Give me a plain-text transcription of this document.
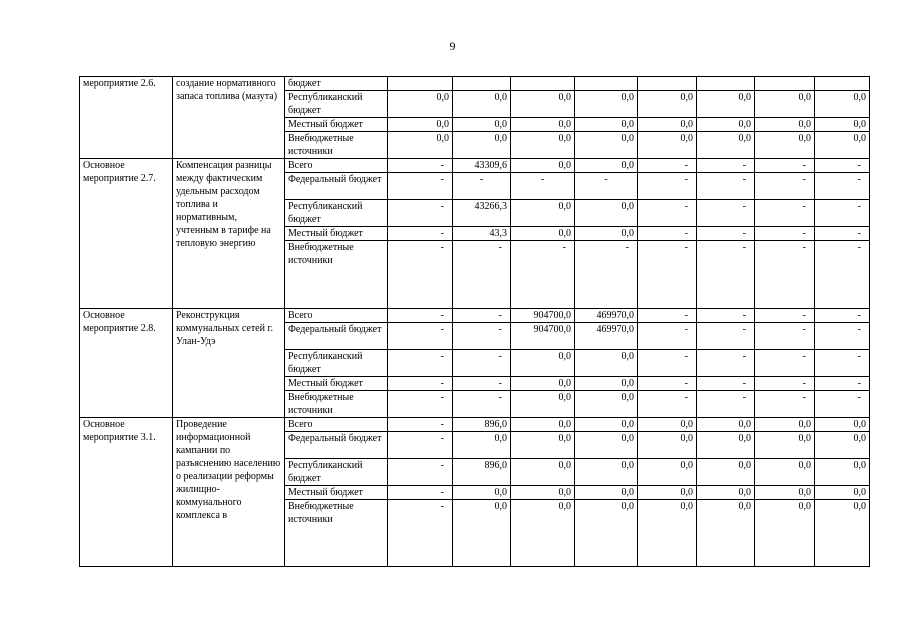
9
мероприятие 2.6.	создание нормативного запаса топлива (мазута)	бюджет								
		Республиканский бюджет	0,0	0,0	0,0	0,0	0,0	0,0	0,0	0,0
		Местный бюджет	0,0	0,0	0,0	0,0	0,0	0,0	0,0	0,0
		Внебюджетные источники	0,0	0,0	0,0	0,0	0,0	0,0	0,0	0,0
Основное мероприятие 2.7.	Компенсация разницы между фактическим удельным расходом топлива и нормативным, учтенным в тарифе на тепловую энергию	Всего	-	43309,6	0,0	0,0	-	-	-	-
		Федеральный бюджет	-	-	-	-	-	-	-	-
		Республиканский бюджет	-	43266,3	0,0	0,0	-	-	-	-
		Местный бюджет	-	43,3	0,0	0,0	-	-	-	-
		Внебюджетные источники	-	-	-	-	-	-	-	-
Основное мероприятие 2.8.	Реконструкция коммунальных сетей г. Улан-Удэ	Всего	-	-	904700,0	469970,0	-	-	-	-
		Федеральный бюджет	-	-	904700,0	469970,0	-	-	-	-
		Республиканский бюджет	-	-	0,0	0,0	-	-	-	-
		Местный бюджет	-	-	0,0	0,0	-	-	-	-
		Внебюджетные источники	-	-	0,0	0,0	-	-	-	-
Основное мероприятие 3.1.	Проведение информационной кампании по разъяснению населению о реализации реформы жилищно-коммунального комплекса в	Всего	-	896,0	0,0	0,0	0,0	0,0	0,0	0,0
		Федеральный бюджет	-	0,0	0,0	0,0	0,0	0,0	0,0	0,0
		Республиканский бюджет	-	896,0	0,0	0,0	0,0	0,0	0,0	0,0
		Местный бюджет	-	0,0	0,0	0,0	0,0	0,0	0,0	0,0
		Внебюджетные источники	-	0,0	0,0	0,0	0,0	0,0	0,0	0,0
